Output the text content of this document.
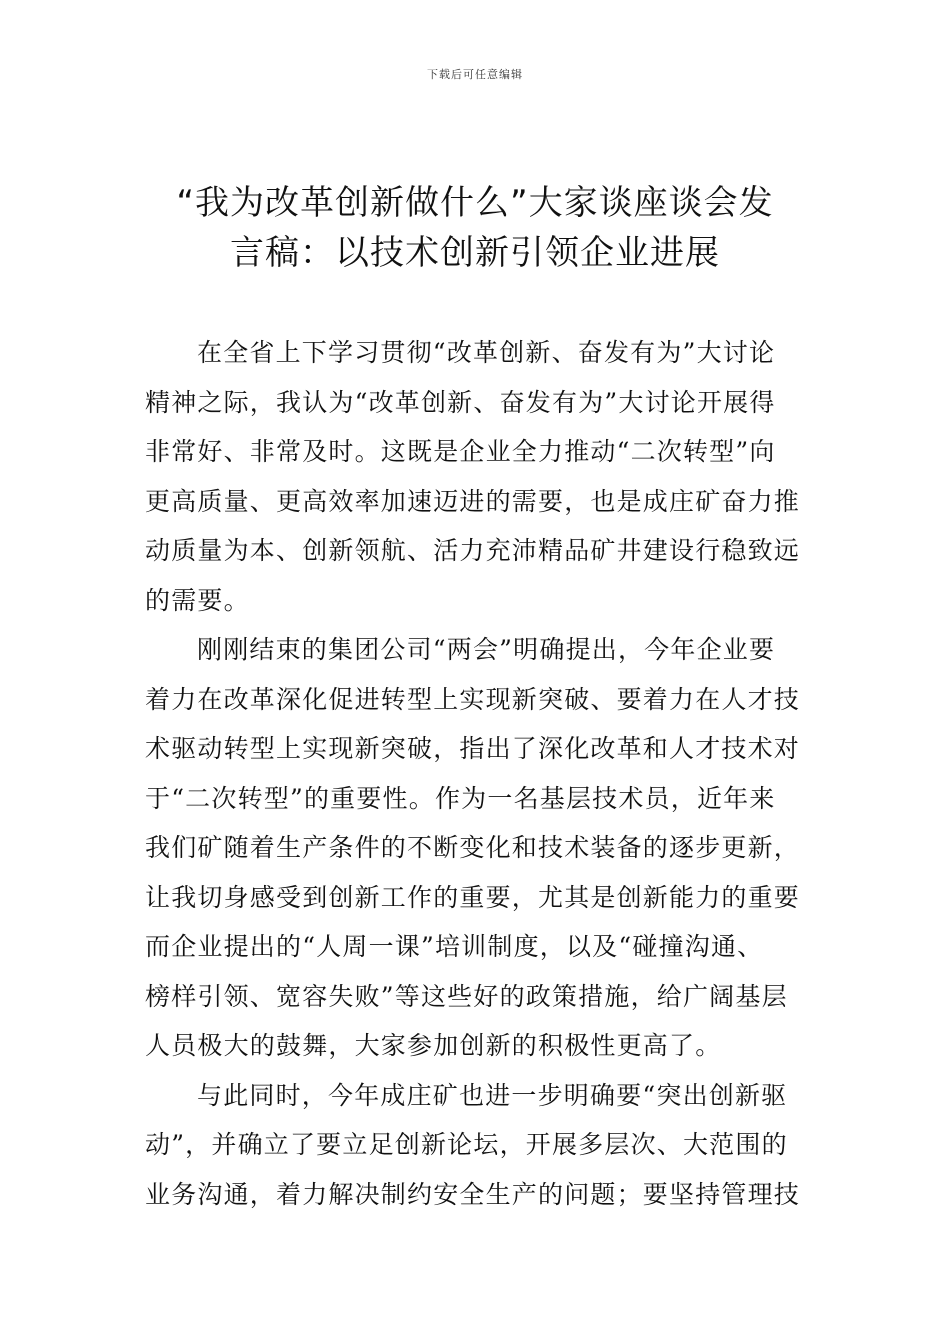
下载后可任意编辑
“我为改革创新做什么”大家谈座谈会发
言稿：以技术创新引领企业进展

在全省上下学习贯彻“改革创新、奋发有为”大讨论
精神之际，我认为“改革创新、奋发有为”大讨论开展得
非常好、非常及时。这既是企业全力推动“二次转型”向
更高质量、更高效率加速迈进的需要，也是成庄矿奋力推
动质量为本、创新领航、活力充沛精品矿井建设行稳致远
的需要。

刚刚结束的集团公司“两会”明确提出，今年企业要
着力在改革深化促进转型上实现新突破、要着力在人才技
术驱动转型上实现新突破，指出了深化改革和人才技术对
于“二次转型”的重要性。作为一名基层技术员，近年来
我们矿随着生产条件的不断变化和技术装备的逐步更新，
让我切身感受到创新工作的重要，尤其是创新能力的重要
而企业提出的“人周一课”培训制度，以及“碰撞沟通、
榜样引领、宽容失败”等这些好的政策措施，给广阔基层
人员极大的鼓舞，大家参加创新的积极性更高了。

与此同时，今年成庄矿也进一步明确要“突出创新驱
动”，并确立了要立足创新论坛，开展多层次、大范围的
业务沟通，着力解决制约安全生产的问题；要坚持管理技
